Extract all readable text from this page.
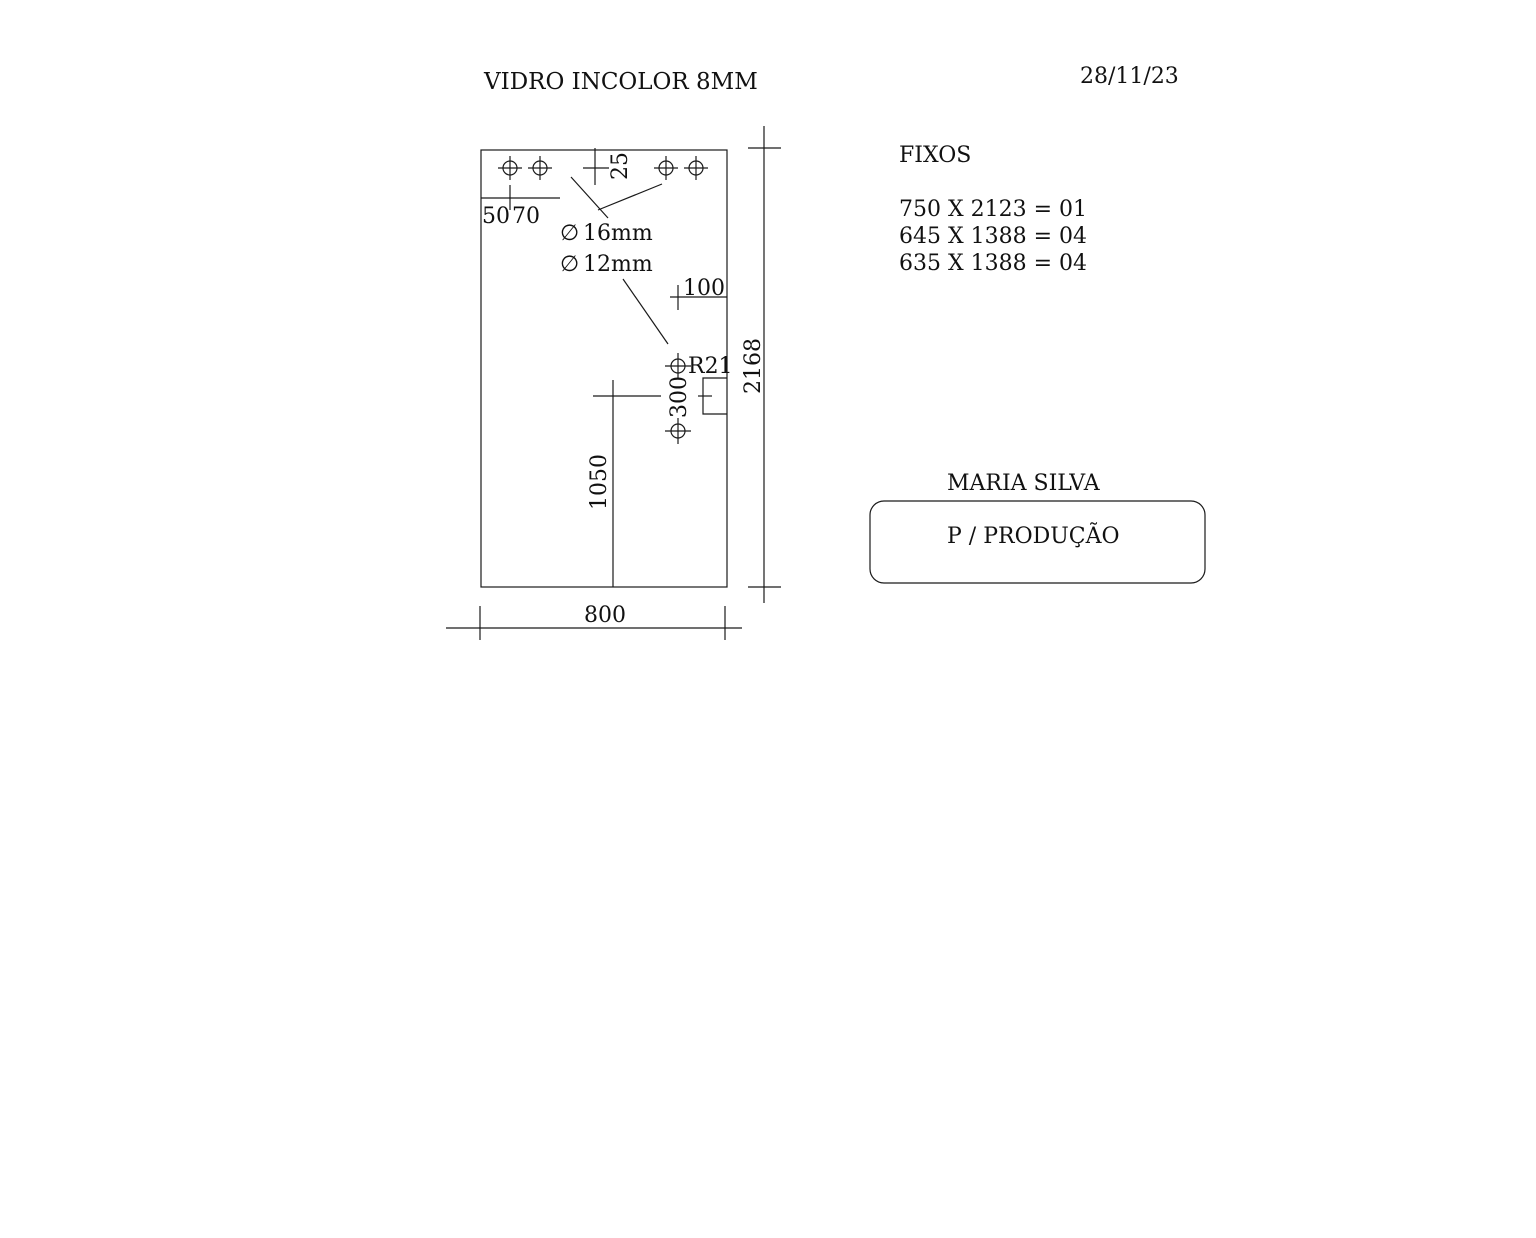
VIDRO INCOLOR 8MM	28/11/23
25
50 70
∅ 16mm
∅ 12mm
100
R21
300
1050
2168
800
FIXOS
750 X 2123 = 01
645 X 1388 = 04
635 X 1388 = 04
MARIA SILVA
P / PRODUÇÃO
